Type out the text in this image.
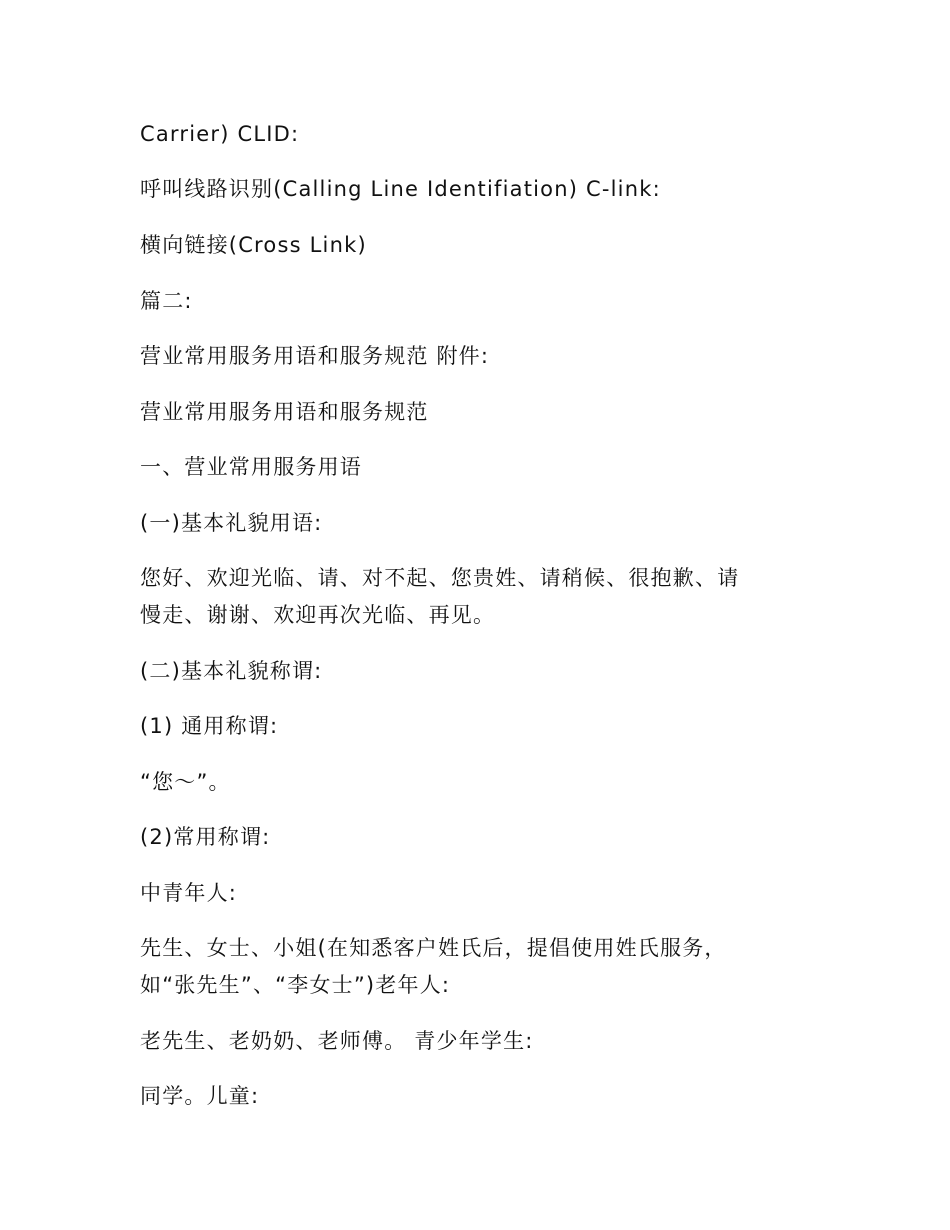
Carrier) CLID:
呼叫线路识别(Calling Line Identifiation) C-link:
横向链接(Cross Link)
篇二:
营业常用服务用语和服务规范 附件:
营业常用服务用语和服务规范
一、营业常用服务用语
(一)基本礼貌用语:
您好、欢迎光临、请、对不起、您贵姓、请稍候、很抱歉、请
慢走、谢谢、欢迎再次光临、再见。
(二)基本礼貌称谓:
(1) 通用称谓:
“您～”。
(2)常用称谓:
中青年人:
先生、女士、小姐(在知悉客户姓氏后，提倡使用姓氏服务，
如“张先生”、“李女士”)老年人:
老先生、老奶奶、老师傅。 青少年学生:
同学。儿童:
